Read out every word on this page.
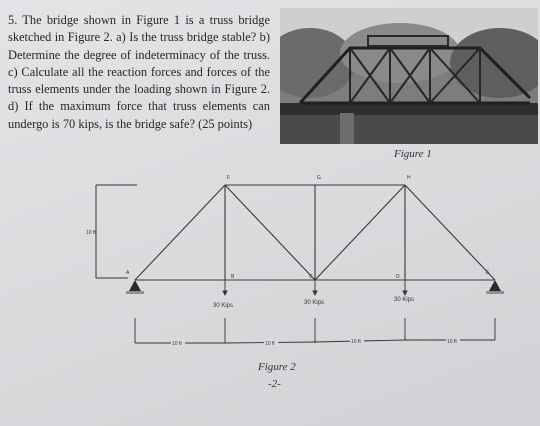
5. The bridge shown in Figure 1 is a truss bridge sketched in Figure 2. a) Is the truss bridge stable? b) Determine the degree of indeterminacy of the truss. c) Calculate all the reaction forces and forces of the truss elements under the loading shown in Figure 2. d) If the maximum force that truss elements can undergo is 70 kips, is the bridge safe? (25 points)

Figure 1
10 ft
A
B	C	D
E
F	G	H
30 Kips	30 Kips	30 Kips
10 ft	10 ft	10 ft	10 ft
Figure 2
-2-
